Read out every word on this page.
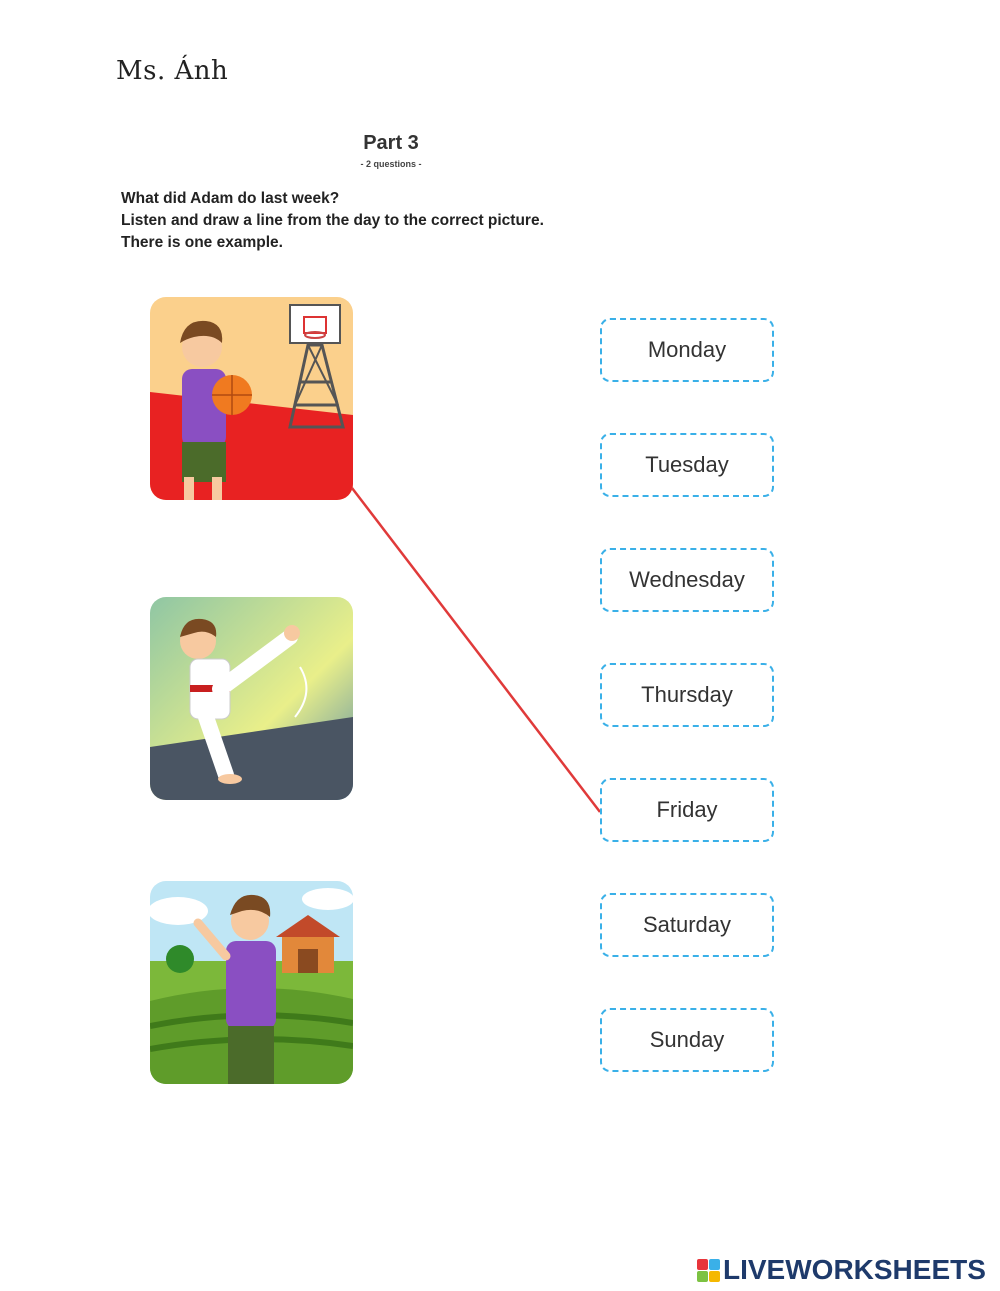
Ms. Ánh
Part 3
- 2 questions -
What did Adam do last week?
Listen and draw a line from the day to the correct picture.
There is one example.
Monday
Tuesday
Wednesday
Thursday
Friday
Saturday
Sunday
LIVEWORKSHEETS
